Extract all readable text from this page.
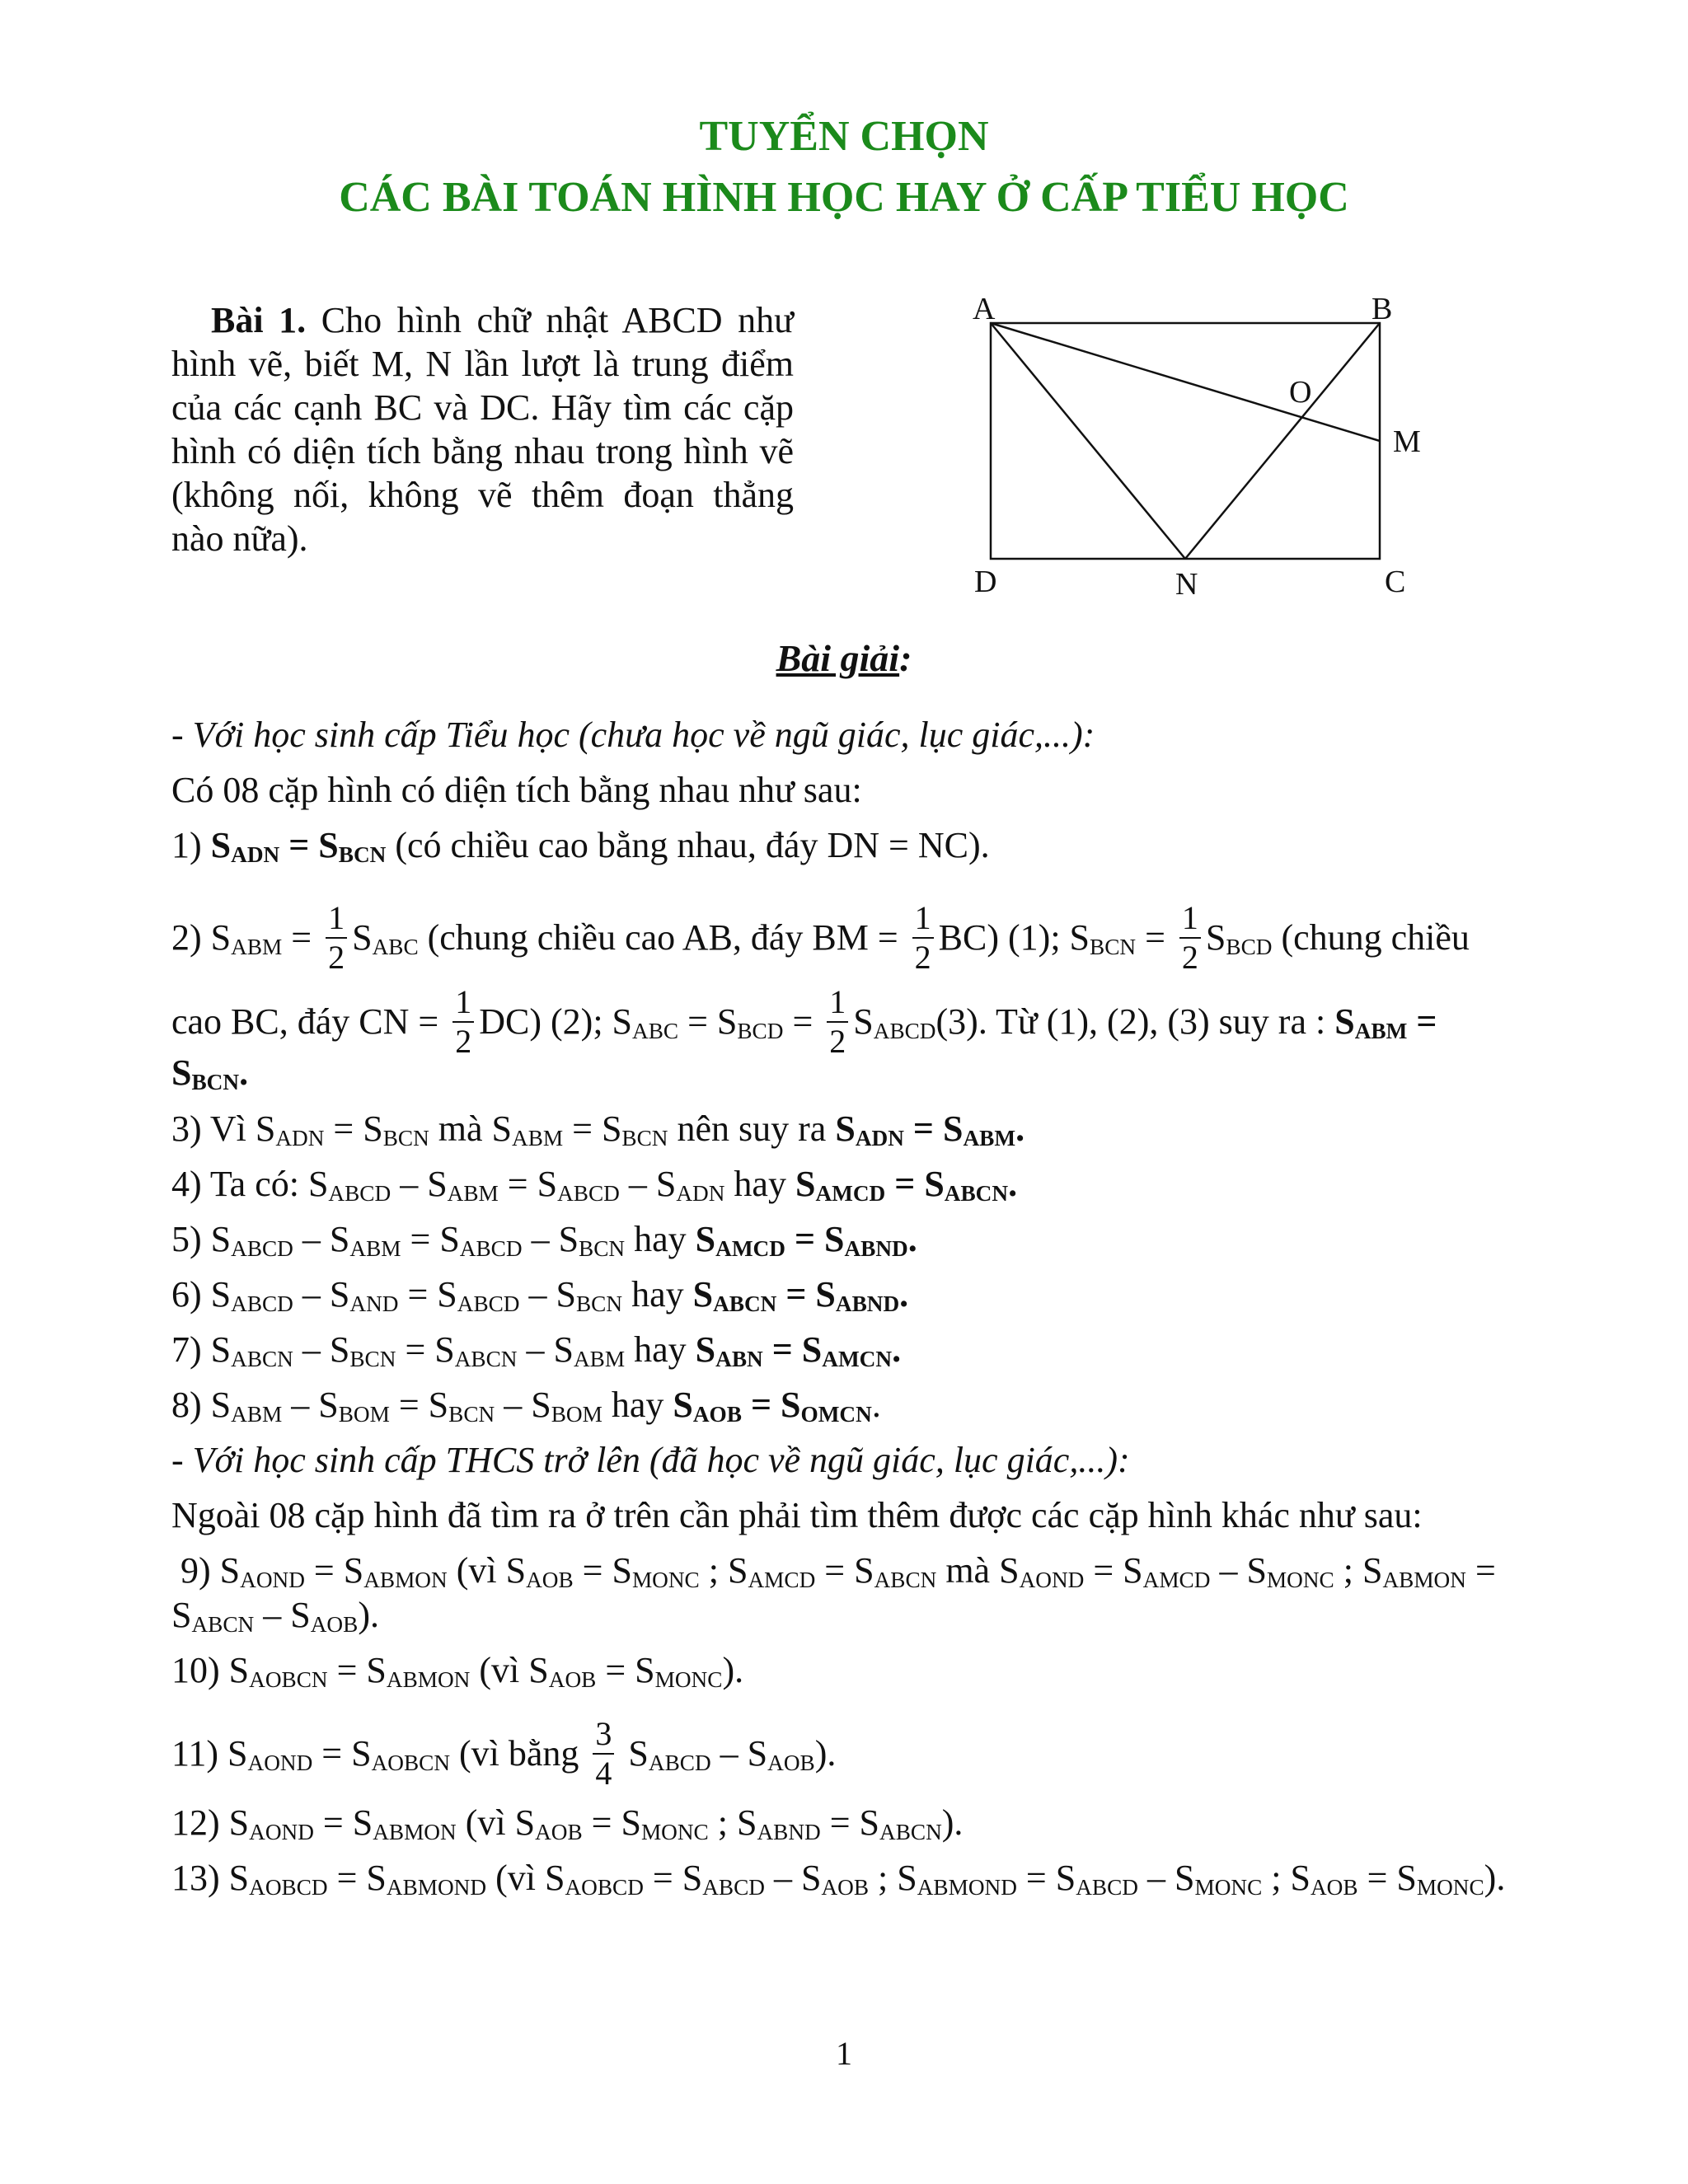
TUYỂN CHỌN
CÁC BÀI TOÁN HÌNH HỌC HAY Ở CẤP TIỂU HỌC
Bài 1. Cho hình chữ nhật ABCD như hình vẽ, biết M, N lần lượt là trung điểm của các cạnh BC và DC. Hãy tìm các cặp hình có diện tích bằng nhau trong hình vẽ (không nối, không vẽ thêm đoạn thẳng nào nữa).
A	B
O
M
D	N	C
Bài giải:
- Với học sinh cấp Tiểu học (chưa học về ngũ giác, lục giác,...):
Có 08 cặp hình có diện tích bằng nhau như sau:
1) $S_{ADN} = S_{BCN}$ (có chiều cao bằng nhau, đáy DN = NC).
2) $S_{ABM} = \frac{1}{2} S_{ABC}$ (chung chiều cao AB, đáy BM = $\frac{1}{2} BC$) (1); $S_{BCN} = \frac{1}{2} S_{BCD}$ (chung chiều
cao BC, đáy CN = $\frac{1}{2} DC$) (2); $S_{ABC} = S_{BCD} = \frac{1}{2} S_{ABCD}(3)$. Từ (1), (2), (3) suy ra : $S_{ABM}$ =
$S_{BCN}$.
3) Vì $S_{ADN} = S_{BCN}$ mà $S_{ABM} = S_{BCN}$ nên suy ra $S_{ADN} = S_{ABM}$.
4) Ta có: $S_{ABCD} - S_{ABM} = S_{ABCD} - S_{ADN}$ hay $S_{AMCD} = S_{ABCN}$.
5) $S_{ABCD} - S_{ABM} = S_{ABCD} - S_{BCN}$ hay $S_{AMCD} = S_{ABND}$.
6) $S_{ABCD} - S_{AND} = S_{ABCD} - S_{BCN}$ hay $S_{ABCN} = S_{ABND}$.
7) $S_{ABCN} - S_{BCN} = S_{ABCN} - S_{ABM}$ hay $S_{ABN} = S_{AMCN}$.
8) $S_{ABM} - S_{BOM} = S_{BCN} - S_{BOM}$ hay $S_{AOB} = S_{OMCN}$.
- Với học sinh cấp THCS trở lên (đã học về ngũ giác, lục giác,...):
Ngoài 08 cặp hình đã tìm ra ở trên cần phải tìm thêm được các cặp hình khác như sau:
9) $S_{AOND} = S_{ABMON}$ (vì $S_{AOB} = S_{MONC}$ ; $S_{AMCD} = S_{ABCN}$ mà $S_{AOND} = S_{AMCD} - S_{MONC}$ ; $S_{ABMON}$ =
$S_{ABCN} - S_{AOB}$).
10) $S_{AOBCN} = S_{ABMON}$ (vì $S_{AOB} = S_{MONC}$).
11) $S_{AOND} = S_{AOBCN}$ (vì bằng $\frac{3}{4} S_{ABCD} - S_{AOB}$).
12) $S_{AOND} = S_{ABMON}$ (vì $S_{AOB} = S_{MONC}$ ; $S_{ABND} = S_{ABCN}$).
13) $S_{AOBCD} = S_{ABMOND}$ (vì $S_{AOBCD} = S_{ABCD} - S_{AOB}$ ; $S_{ABMOND} = S_{ABCD} - S_{MONC}$ ; $S_{AOB} = S_{MONC}$).
1
